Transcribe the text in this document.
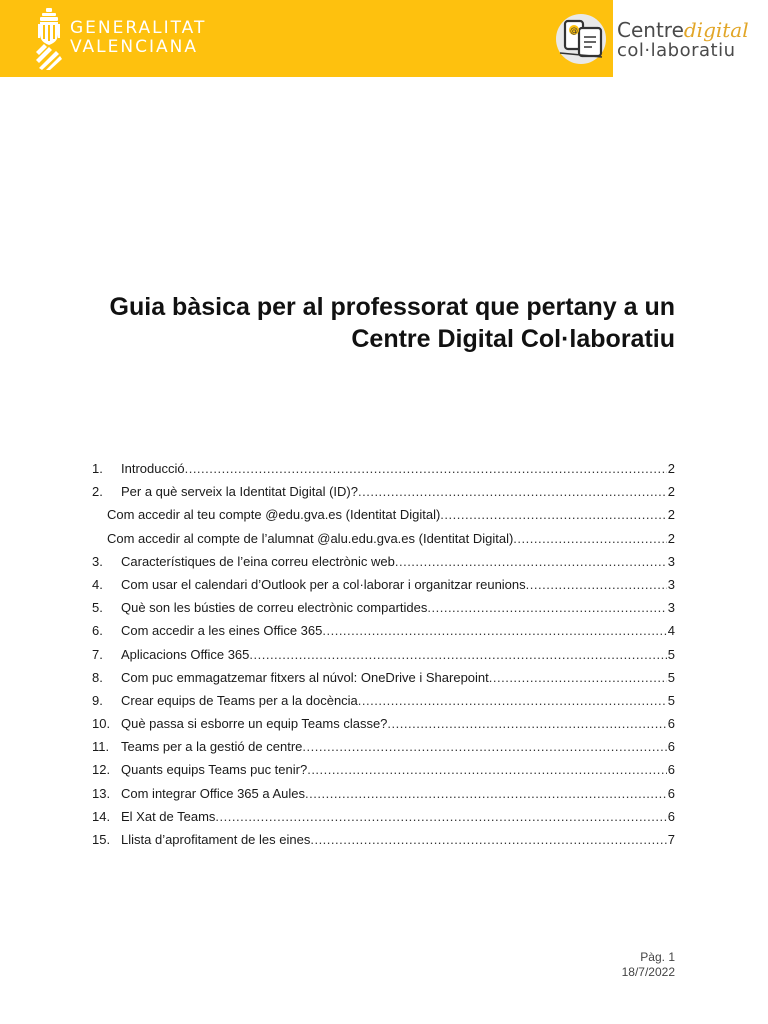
GENERALITAT
VALENCIANA
@ Centredigital
col·laboratiu
Guia bàsica per al professorat que pertany a un
Centre Digital Col·laboratiu
1.	Introducció .....	2
2.	Per a què serveix la Identitat Digital (ID)? .....	2
Com accedir al teu compte @edu.gva.es (Identitat Digital) .....	2
Com accedir al compte de l’alumnat @alu.edu.gva.es (Identitat Digital) .....	2
3.	Característiques de l’eina correu electrònic web .....	3
4.	Com usar el calendari d’Outlook per a col·laborar i organitzar reunions .....	3
5.	Què son les bústies de correu electrònic compartides .....	3
6.	Com accedir a les eines Office 365 .....	4
7.	Aplicacions Office 365 .....	5
8.	Com puc emmagatzemar fitxers al núvol: OneDrive i Sharepoint .....	5
9.	Crear equips de Teams per a la docència .....	5
10. Què passa si esborre un equip Teams classe? .....	6
11. Teams per a la gestió de centre .....	6
12. Quants equips Teams puc tenir? .....	6
13. Com integrar Office 365 a Aules .....	6
14. El Xat de Teams .....	6
15. Llista d’aprofitament de les eines .....	7
Pàg. 1
18/7/2022
